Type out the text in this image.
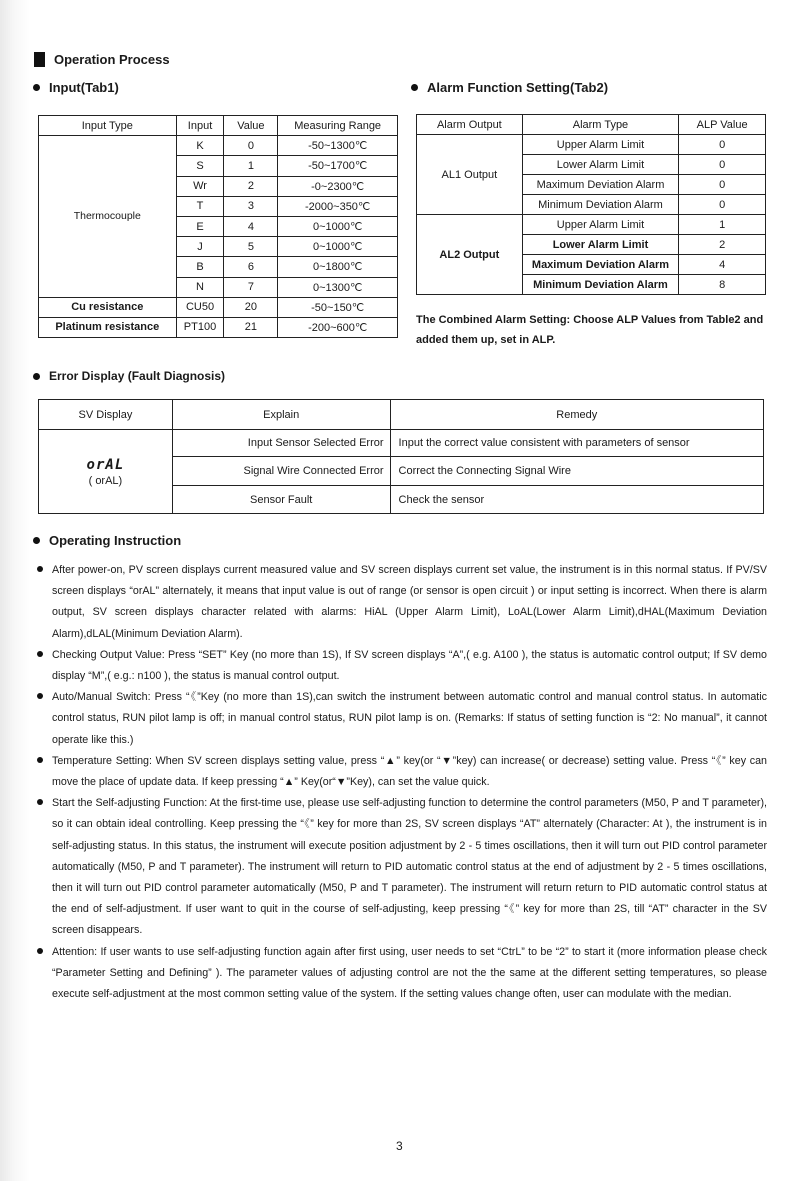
Operation Process
Input(Tab1)	Alarm Function Setting(Tab2)
Input Type	Input	Value	Measuring Range
Thermocouple	K	0	-50~1300℃
	S	1	-50~1700℃
	Wr	2	-0~2300℃
	T	3	-2000~350℃
	E	4	0~1000℃
	J	5	0~1000℃
	B	6	0~1800℃
	N	7	0~1300℃
Cu resistance	CU50	20	-50~150℃
Platinum resistance	PT100	21	-200~600℃
Alarm Output	Alarm Type	ALP Value
AL1 Output	Upper Alarm Limit	0
	Lower Alarm Limit	0
	Maximum Deviation Alarm	0
	Minimum Deviation Alarm	0
AL2 Output	Upper Alarm Limit	1
	Lower Alarm Limit	2
	Maximum Deviation Alarm	4
	Minimum Deviation Alarm	8
The Combined Alarm Setting: Choose ALP Values from Table2 and added them up, set in ALP.
Error Display (Fault Diagnosis)
SV Display	Explain	Remedy

orAL
( orAL)	Input Sensor Selected Error	Input the correct value consistent with parameters of sensor
	Signal Wire Connected Error	Correct the Connecting Signal Wire
	Sensor Fault	Check the sensor
Operating Instruction

After power-on, PV screen displays current measured value and SV screen displays current set value, the instrument is in this normal status. If PV/SV screen displays “orAL” alternately, it means that input value is out of range (or sensor is open circuit ) or input setting is incorrect. When there is alarm output, SV screen displays character related with alarms: HiAL (Upper Alarm Limit), LoAL(Lower Alarm Limit),dHAL(Maximum Deviation Alarm),dLAL(Minimum Deviation Alarm).

Checking Output Value: Press “SET” Key (no more than 1S), If SV screen displays “A”,( e.g. A100 ), the status is automatic control output; If SV demo display “M”,( e.g.: n100 ), the status is manual control output.

Auto/Manual Switch: Press “《”Key (no more than 1S),can switch the instrument between automatic control and manual control status. In automatic control status, RUN pilot lamp is off; in manual control status, RUN pilot lamp is on. (Remarks: If status of setting function is “2: No manual”, it cannot operate like this.)

Temperature Setting: When SV screen displays setting value, press “▲” key(or “▼”key) can increase( or decrease) setting value. Press “《” key can move the place of update data. If keep pressing “▲” Key(or“▼”Key), can set the value quick.

Start the Self-adjusting Function: At the first-time use, please use self-adjusting function to determine the control parameters (M50, P and T parameter), so it can obtain ideal controlling. Keep pressing the “《” key for more than 2S, SV screen displays “AT” alternately (Character: At ), the instrument is in self-adjusting status. In this status, the instrument will execute position adjustment by 2 - 5 times oscillations, then it will turn out PID control parameter automatically (M50, P and T parameter). The instrument will return to PID automatic control status at the end of adjustment by 2 - 5 times oscillations, then it will turn out PID control parameter automatically (M50, P and T parameter). The instrument will return return to PID automatic control status at the end of self-adjustment. If user want to quit in the course of self-adjusting, keep pressing “《” key for more than 2S, till “AT” character in the SV screen disappears.

Attention: If user wants to use self-adjusting function again after first using, user needs to set “CtrL” to be “2” to start it (more information please check “Parameter Setting and Defining” ). The parameter values of adjusting control are not the the same at the different setting temperatures, so please execute self-adjustment at the most common setting value of the system. If the setting values change often, user can modulate with the median.

3
